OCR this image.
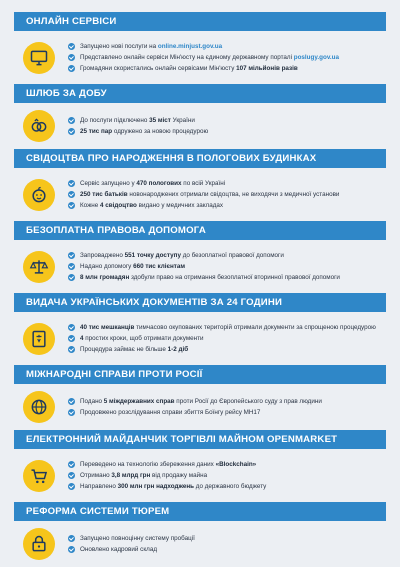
ОНЛАЙН СЕРВІСИ
Запущено нові послуги на online.minjust.gov.ua
Представлено онлайн сервіси Мін'юсту на єдиному державному порталі poslugy.gov.ua
Громадяни скористались онлайн сервісами Мін'юсту 107 мільйонів разів
ШЛЮБ ЗА ДОБУ
До послуги підключено 35 міст України
25 тис пар одружено за новою процедурою
СВІДОЦТВА ПРО НАРОДЖЕННЯ В ПОЛОГОВИХ БУДИНКАХ
Сервіс запущено у 470 пологових по всій Україні
250 тис батьків новонароджених отримали свідоцтва, не виходячи з медичної установи
Кожне 4 свідоцтво видано у медичних закладах
БЕЗОПЛАТНА ПРАВОВА ДОПОМОГА
Запроваджено 551 точку доступу до безоплатної правової допомоги
Надано допомогу 660 тис клієнтам
8 млн громадян здобули право на отримання безоплатної вторинної правової допомоги
ВИДАЧА УКРАЇНСЬКИХ ДОКУМЕНТІВ ЗА 24 ГОДИНИ
40 тис мешканців тимчасово окупованих територій отримали документи за спрощеною процедурою
4 простих кроки, щоб отримати документи
Процедура займає не більше 1-2 діб
МІЖНАРОДНІ СПРАВИ ПРОТИ РОСІЇ
Подано 5 міждержавних справ проти Росії до Європейського суду з прав людини
Продовжено розслідування справи збиття Боїнгу рейсу МН17
ЕЛЕКТРОННИЙ МАЙДАНЧИК ТОРГІВЛІ МАЙНОМ OPENMARKET
Переведено на технологію збереження даних «Blockchain»
Отримано 3,8 млрд грн від продажу майна
Направлено 300 млн грн надходжень до державного бюджету
РЕФОРМА СИСТЕМИ ТЮРЕМ
Запущено повноцінну систему пробації
Оновлено кадровий склад
